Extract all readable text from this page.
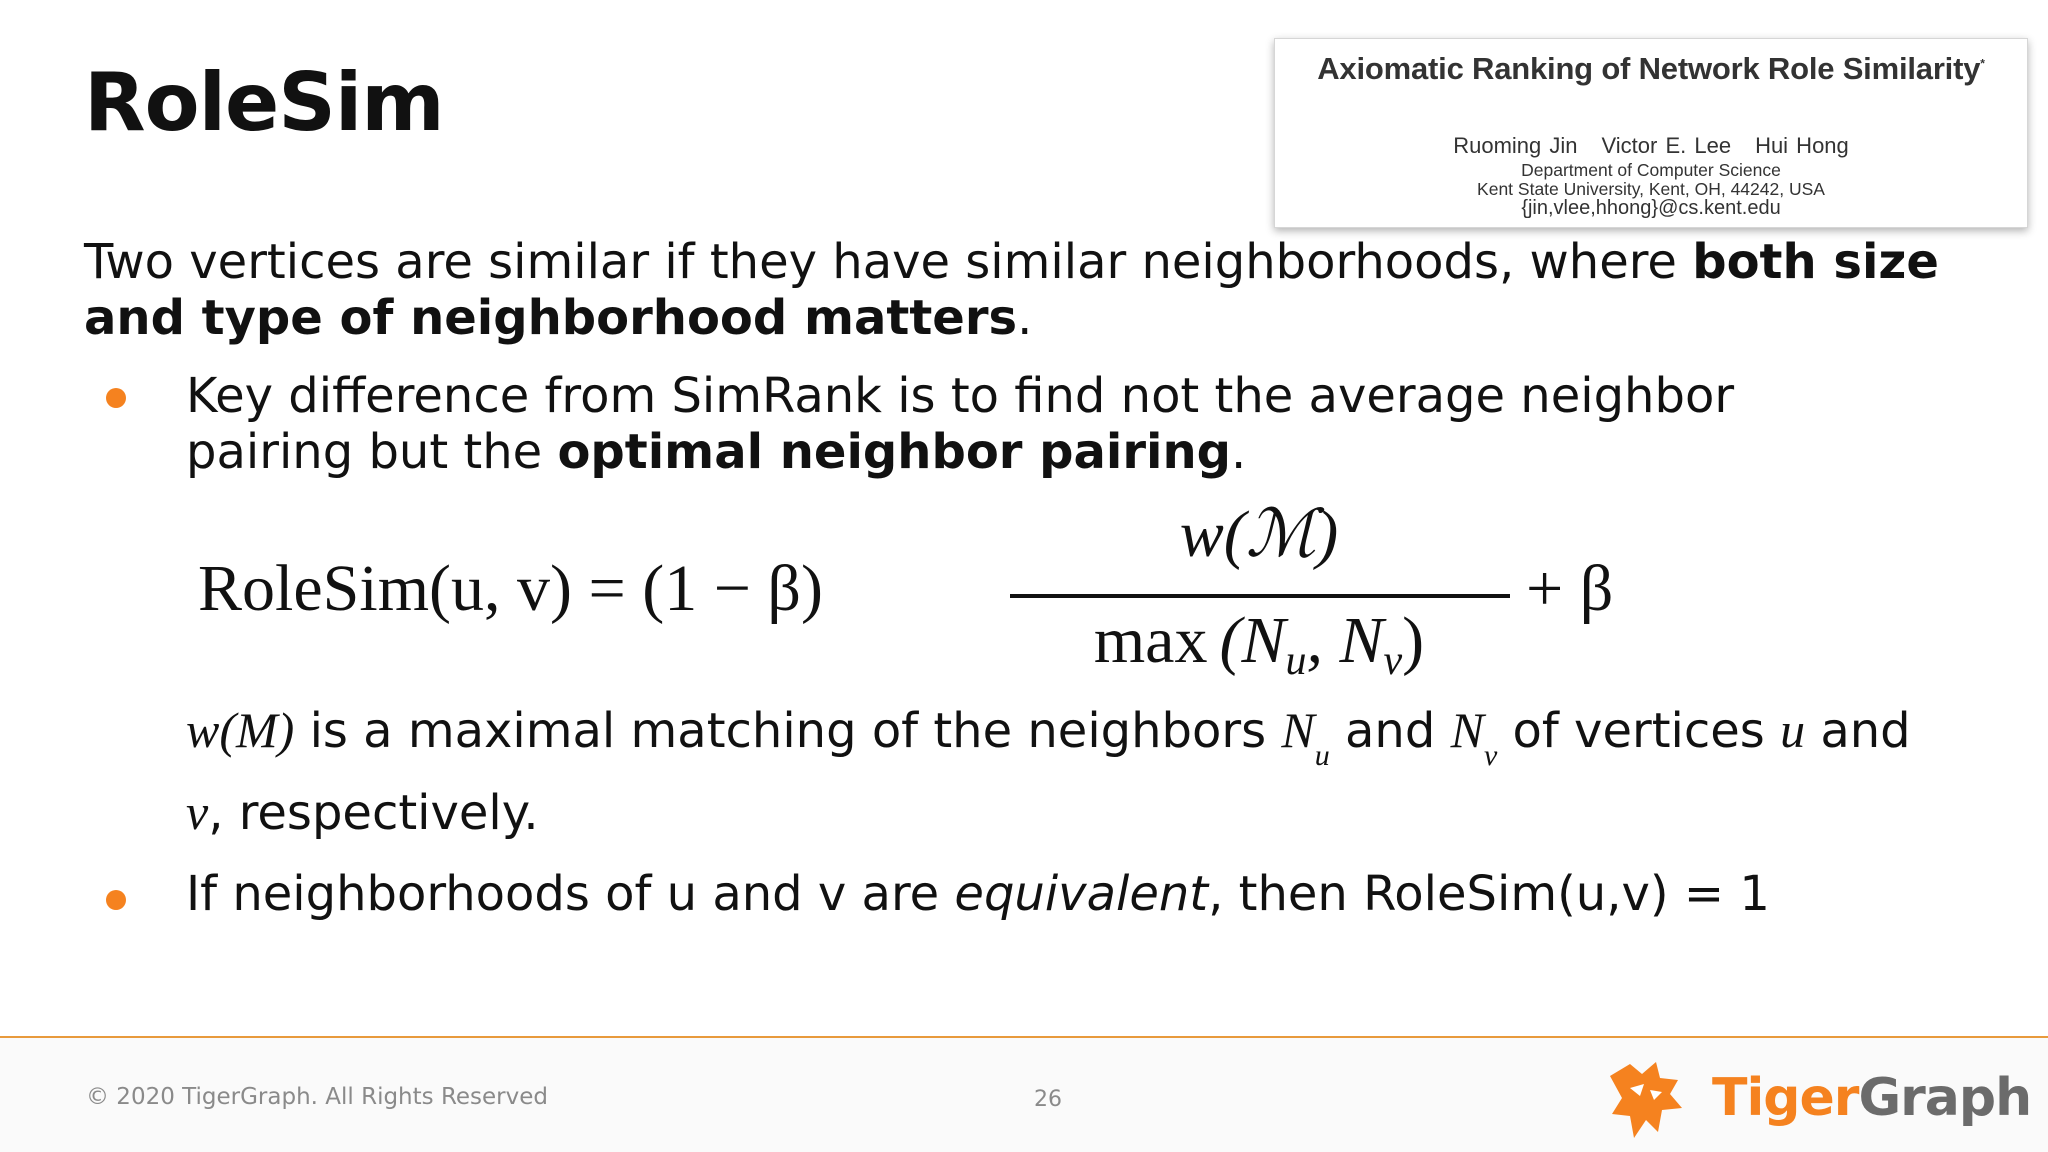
RoleSim	Axiomatic Ranking of Network Role Similarity*
Ruoming Jin Victor E. Lee Hui Hong
Department of Computer Science
Kent State University, Kent, OH, 44242, USA
{jin,vlee,hhong}@cs.kent.edu

Two vertices are similar if they have similar neighborhoods, where both size and type of neighborhood matters.

Key difference from SimRank is to find not the average neighbor pairing but the optimal neighbor pairing.

RoleSim(u, v) = (1 − β)
w(ℳ)
max (Nu, Nv)
+ β

w(M) is a maximal matching of the neighbors $N_u$ and $N_v$ of vertices u and v, respectively.

If neighborhoods of u and v are equivalent, then RoleSim(u,v) = 1

© 2020 TigerGraph. All Rights Reserved	26	TigerGraph
